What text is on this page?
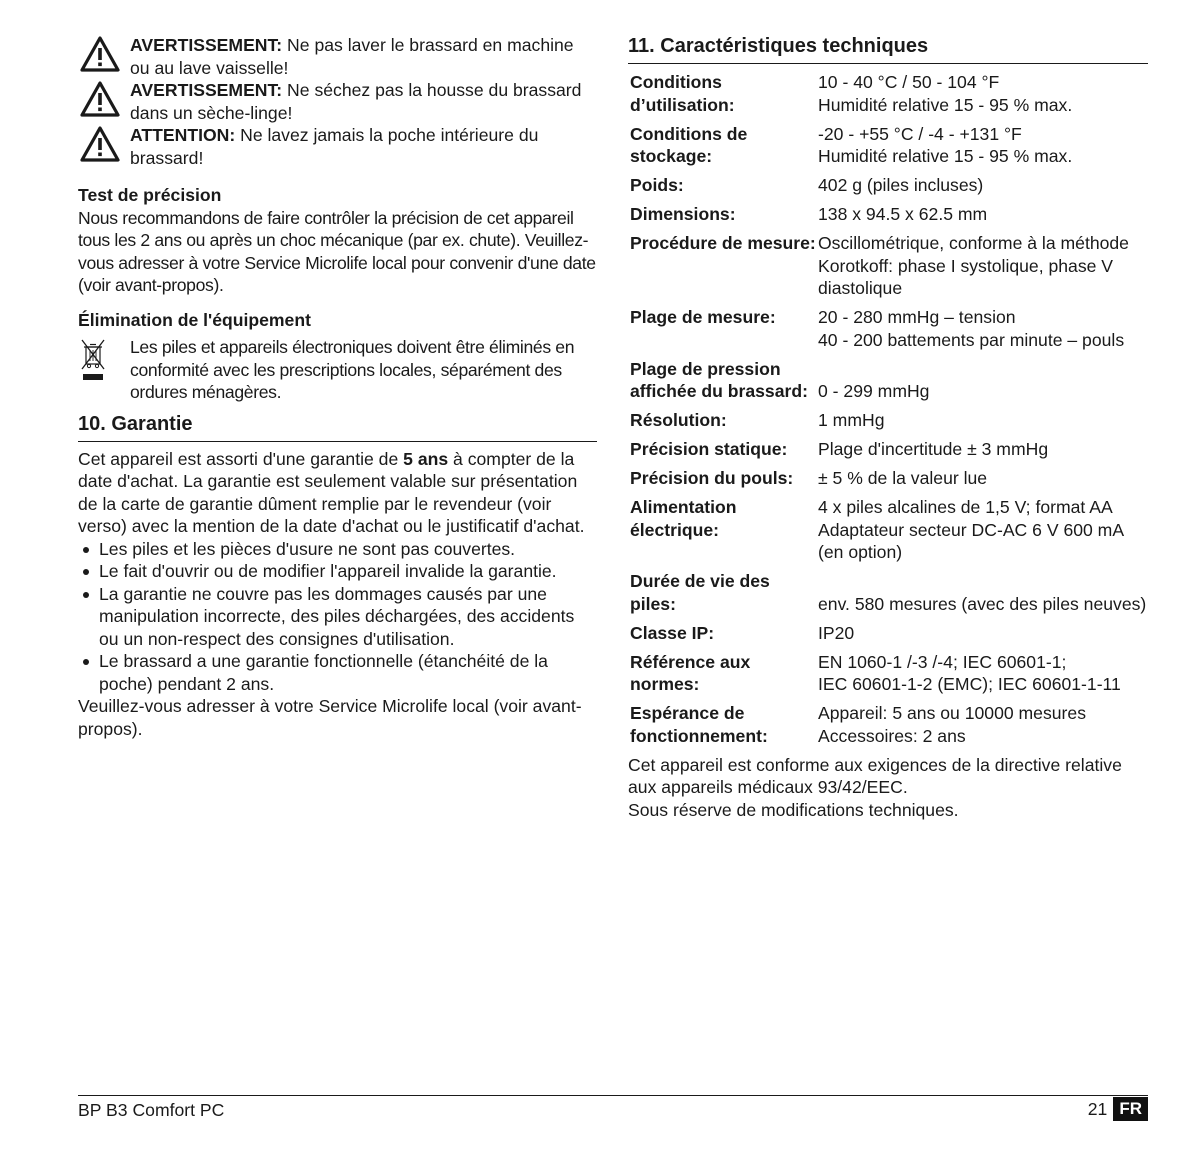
AVERTISSEMENT: Ne pas laver le brassard en machine ou au lave vaisselle!
AVERTISSEMENT: Ne séchez pas la housse du brassard dans un sèche-linge!
ATTENTION: Ne lavez jamais la poche intérieure du brassard!
Test de précision
Nous recommandons de faire contrôler la précision de cet appareil tous les 2 ans ou après un choc mécanique (par ex. chute). Veuillez-vous adresser à votre Service Microlife local pour convenir d'une date (voir avant-propos).
Élimination de l'équipement
Les piles et appareils électroniques doivent être éliminés en conformité avec les prescriptions locales, séparément des ordures ménagères.
10. Garantie
Cet appareil est assorti d'une garantie de 5 ans à compter de la date d'achat. La garantie est seulement valable sur présentation de la carte de garantie dûment remplie par le revendeur (voir verso) avec la mention de la date d'achat ou le justificatif d'achat.
Les piles et les pièces d'usure ne sont pas couvertes.
Le fait d'ouvrir ou de modifier l'appareil invalide la garantie.
La garantie ne couvre pas les dommages causés par une manipulation incorrecte, des piles déchargées, des accidents ou un non-respect des consignes d'utilisation.
Le brassard a une garantie fonctionnelle (étanchéité de la poche) pendant 2 ans.
Veuillez-vous adresser à votre Service Microlife local (voir avant-propos).
11. Caractéristiques techniques
Conditions d’utilisation:
10 - 40 °C / 50 - 104 °F
Humidité relative 15 - 95 % max.
Conditions de stockage:
-20 - +55 °C / -4 - +131 °F
Humidité relative 15 - 95 % max.
Poids:	402 g (piles incluses)
Dimensions:	138 x 94.5 x 62.5 mm
Procédure de mesure: Oscillométrique, conforme à la méthode Korotkoff: phase I systolique, phase V diastolique
Plage de mesure:	20 - 280 mmHg – tension
40 - 200 battements par minute – pouls
Plage de pression affichée du brassard: 0 - 299 mmHg
Résolution:	1 mmHg
Précision statique:	Plage d'incertitude ± 3 mmHg
Précision du pouls:	± 5 % de la valeur lue
Alimentation électrique:
4 x piles alcalines de 1,5 V; format AA
Adaptateur secteur DC-AC 6 V 600 mA (en option)
Durée de vie des piles:	env. 580 mesures (avec des piles neuves)
Classe IP:	IP20
Référence aux normes:
EN 1060-1 /-3 /-4; IEC 60601-1;
IEC 60601-1-2 (EMC); IEC 60601-1-11
Espérance de fonctionnement:
Appareil: 5 ans ou 10000 mesures
Accessoires: 2 ans
Cet appareil est conforme aux exigences de la directive relative aux appareils médicaux 93/42/EEC.
Sous réserve de modifications techniques.
BP B3 Comfort PC	21 FR
